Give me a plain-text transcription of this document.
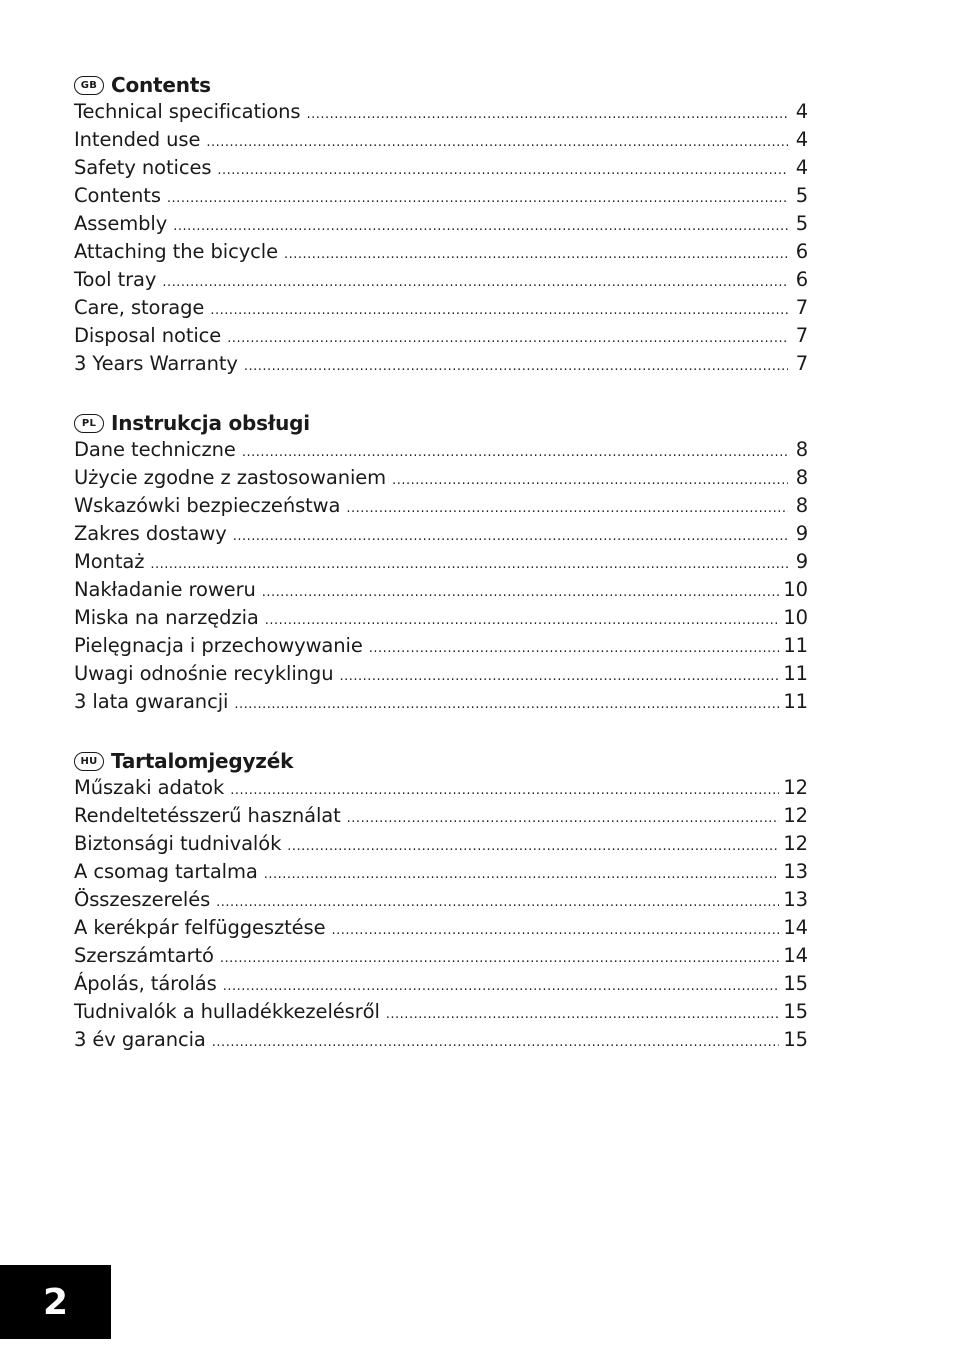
GB Contents
Technical specifications .....	4
Intended use .....	4
Safety notices .....	4
Contents .....	5
Assembly .....	5
Attaching the bicycle .....	6
Tool tray .....	6
Care, storage .....	7
Disposal notice .....	7
3 Years Warranty .....	7
PL Instrukcja obsługi
Dane techniczne .....	8
Użycie zgodne z zastosowaniem .....	8
Wskazówki bezpieczeństwa .....	8
Zakres dostawy .....	9
Montaż .....	9
Nakładanie roweru .....	10
Miska na narzędzia .....	10
Pielęgnacja i przechowywanie .....	11
Uwagi odnośnie recyklingu .....	11
3 lata gwarancji .....	11
HU Tartalomjegyzék
Műszaki adatok .....	12
Rendeltetésszerű használat .....	12
Biztonsági tudnivalók .....	12
A csomag tartalma .....	13
Összeszerelés .....	13
A kerékpár felfüggesztése .....	14
Szerszámtartó .....	14
Ápolás, tárolás .....	15
Tudnivalók a hulladékkezelésről .....	15
3 év garancia .....	15
2
